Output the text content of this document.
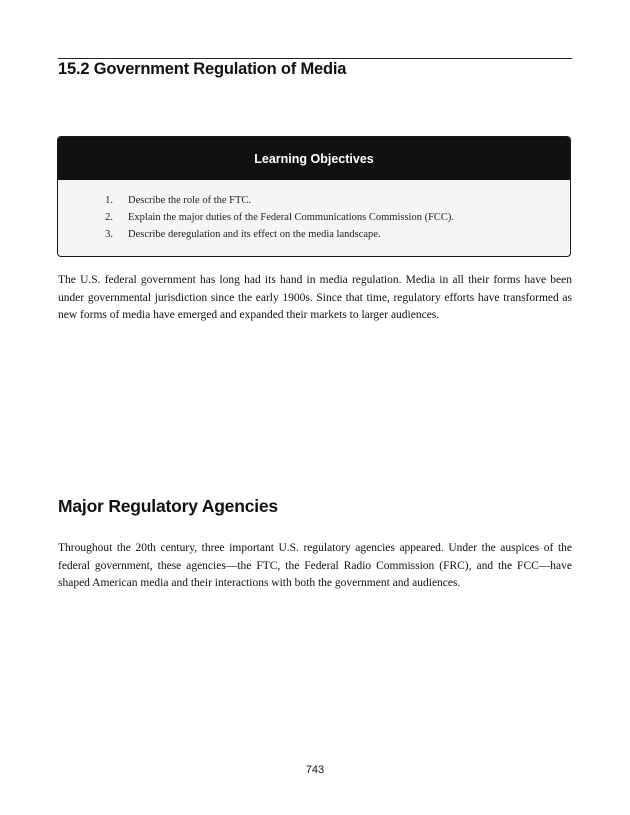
15.2 Government Regulation of Media
Learning Objectives
1.	Describe the role of the FTC.
2.	Explain the major duties of the Federal Communications Commission (FCC).
3.	Describe deregulation and its effect on the media landscape.

The U.S. federal government has long had its hand in media regulation. Media in all their forms have been under governmental jurisdiction since the early 1900s. Since that time, regulatory efforts have transformed as new forms of media have emerged and expanded their markets to larger audiences.

Major Regulatory Agencies

Throughout the 20th century, three important U.S. regulatory agencies appeared. Under the auspices of the federal government, these agencies—the FTC, the Federal Radio Commission (FRC), and the FCC—have shaped American media and their interactions with both the government and audiences.

743
